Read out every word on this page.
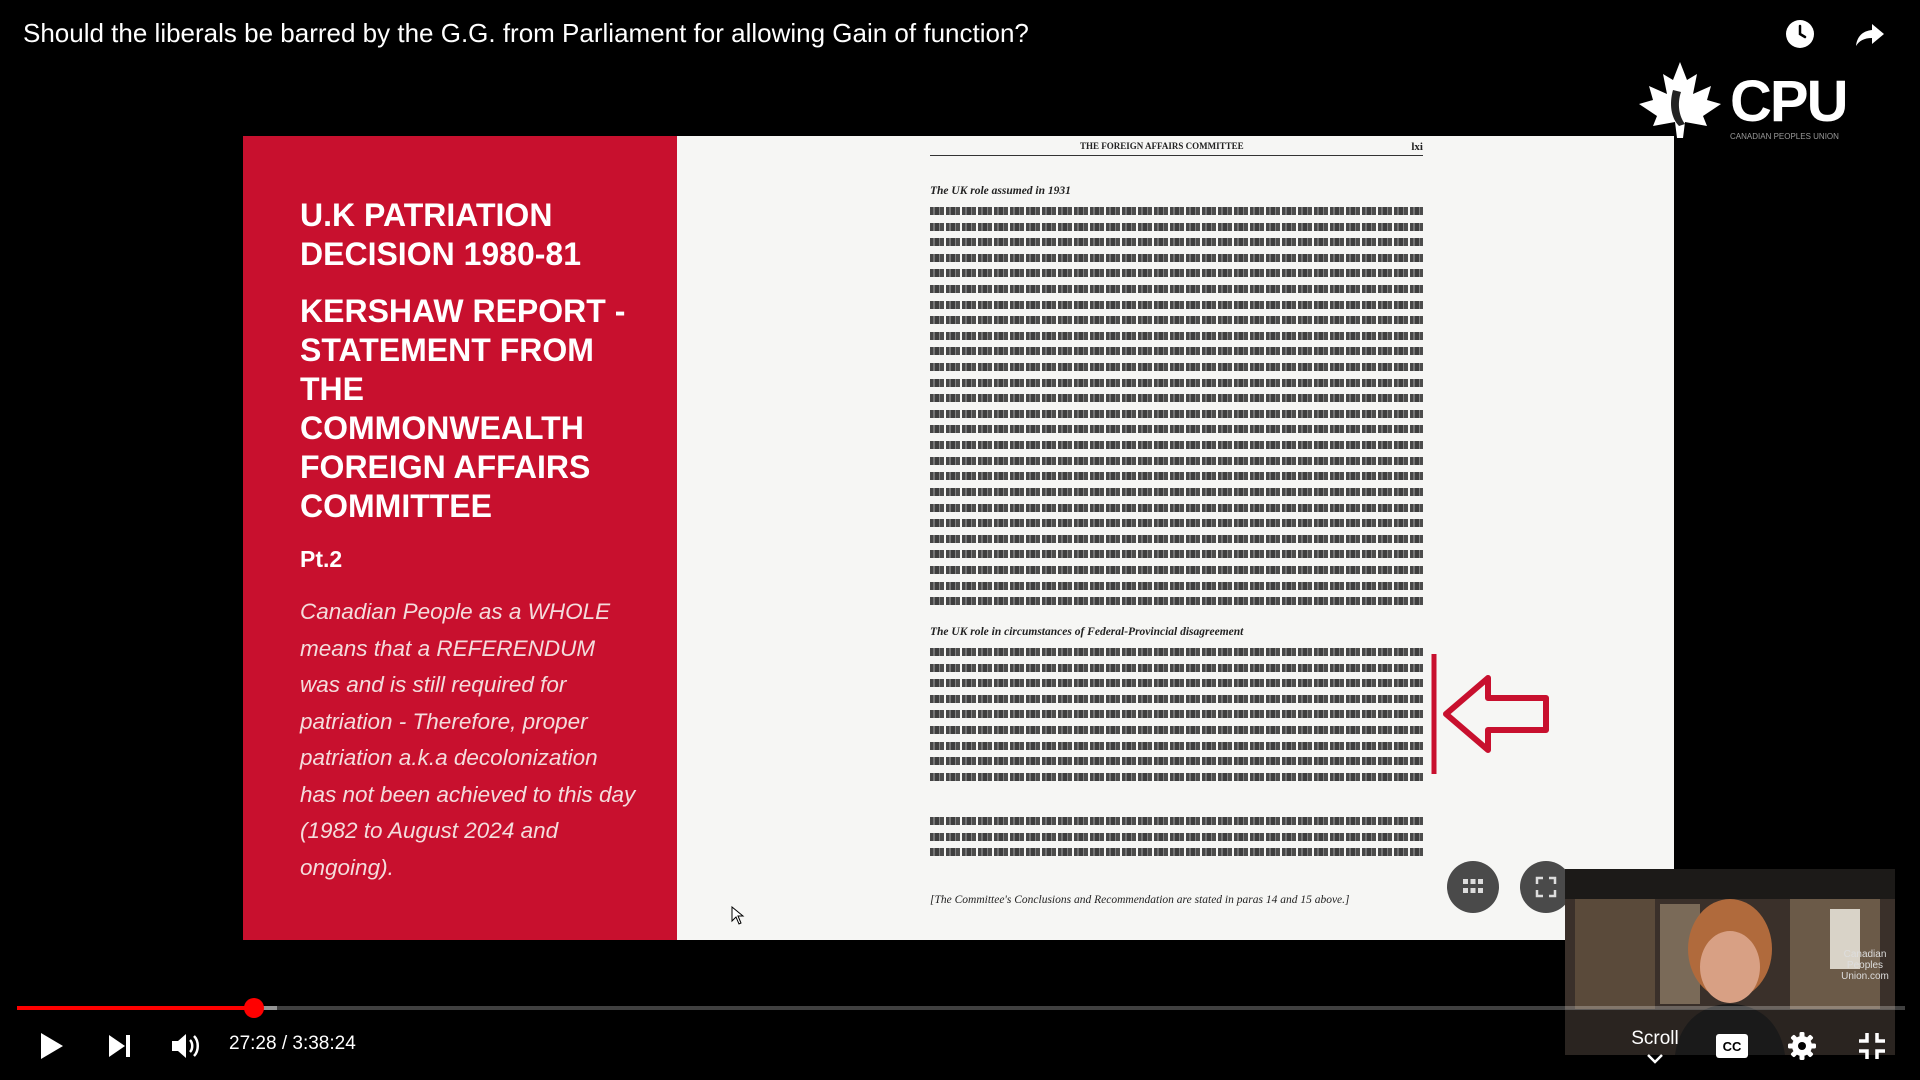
Should the liberals be barred by the G.G. from Parliament for allowing Gain of function?
CPU
CANADIAN PEOPLES UNION
U.K PATRIATION DECISION 1980-81
KERSHAW REPORT - STATEMENT FROM THE COMMONWEALTH FOREIGN AFFAIRS COMMITTEE
Pt.2
Canadian People as a WHOLE means that a REFERENDUM was and is still required for patriation - Therefore, proper patriation a.k.a decolonization has not been achieved to this day (1982 to August 2024 and ongoing).
THE FOREIGN AFFAIRS COMMITTEE	lxi

The UK role assumed in 1931
The UK role in circumstances of Federal-Provincial disagreement
[The Committee's Conclusions and Recommendation are stated in paras 14 and 15 above.]
Canadian Peoples Union.com
27:28 / 3:38:24	Scroll	CC
